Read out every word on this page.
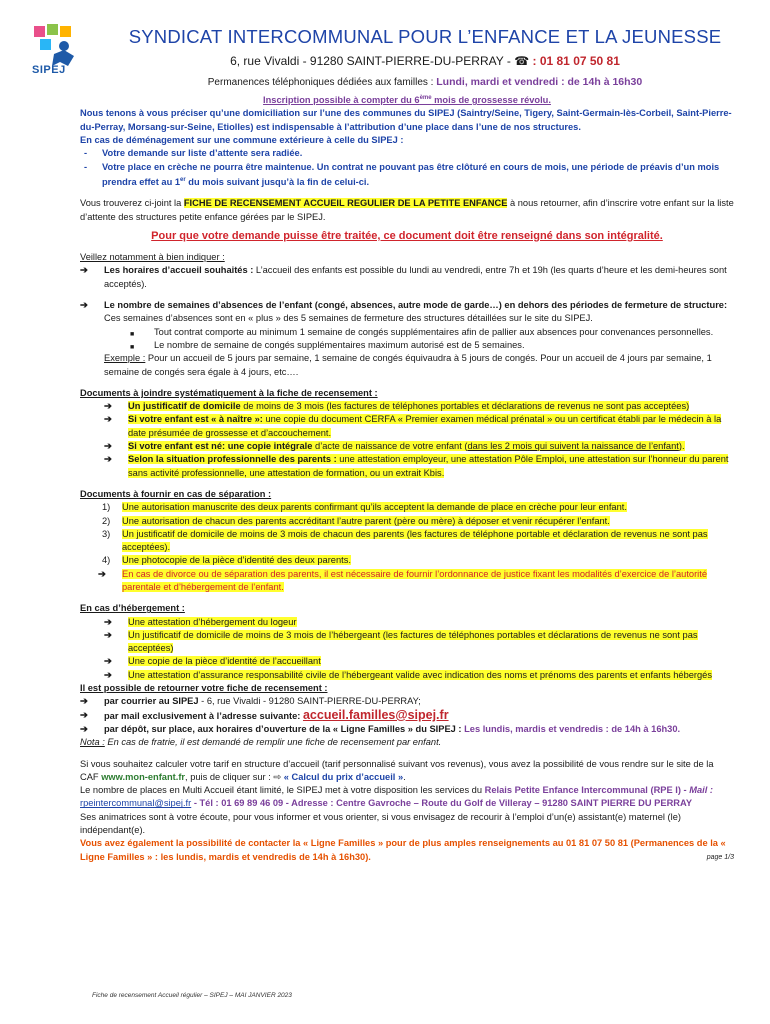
SIPEJ
SYNDICAT INTERCOMMUNAL POUR L’ENFANCE ET LA JEUNESSE
6, rue Vivaldi - 91280 SAINT-PIERRE-DU-PERRAY - ☎ : 01 81 07 50 81
Permanences téléphoniques dédiées aux familles : Lundi, mardi et vendredi : de 14h à 16h30
Inscription possible à compter du 6ème mois de grossesse révolu.
Nous tenons à vous préciser qu’une domiciliation sur l’une des communes du SIPEJ (Saintry/Seine, Tigery, Saint-Germain-lès-Corbeil, Saint-Pierre-du-Perray, Morsang-sur-Seine, Etiolles) est indispensable à l’attribution d’une place dans l’une de nos structures.
En cas de déménagement sur une commune extérieure à celle du SIPEJ :
- Votre demande sur liste d’attente sera radiée.
- Votre place en crèche ne pourra être maintenue. Un contrat ne pouvant pas être clôturé en cours de mois, une période de préavis d’un mois prendra effet au 1er du mois suivant jusqu’à la fin de celui-ci.
Vous trouverez ci-joint la FICHE DE RECENSEMENT ACCUEIL REGULIER DE LA PETITE ENFANCE à nous retourner, afin d’inscrire votre enfant sur la liste d’attente des structures petite enfance gérées par le SIPEJ.
Pour que votre demande puisse être traitée, ce document doit être renseigné dans son intégralité.
Veillez notamment à bien indiquer :
➔ Les horaires d’accueil souhaités : L’accueil des enfants est possible du lundi au vendredi, entre 7h et 19h (les quarts d’heure et les demi-heures sont acceptés).
➔ Le nombre de semaines d’absences de l’enfant (congé, absences, autre mode de garde…) en dehors des périodes de fermeture de structure:
Ces semaines d’absences sont en « plus » des 5 semaines de fermeture des structures détaillées sur le site du SIPEJ.
■ Tout contrat comporte au minimum 1 semaine de congés supplémentaires afin de pallier aux absences pour convenances personnelles.
■ Le nombre de semaine de congés supplémentaires maximum autorisé est de 5 semaines.
Exemple : Pour un accueil de 5 jours par semaine, 1 semaine de congés équivaudra à 5 jours de congés. Pour un accueil de 4 jours par semaine, 1 semaine de congés sera égale à 4 jours, etc….
Documents à joindre systématiquement à la fiche de recensement :
➔ Un justificatif de domicile de moins de 3 mois (les factures de téléphones portables et déclarations de revenus ne sont pas acceptées)
➔ Si votre enfant est « à naître »: une copie du document CERFA « Premier examen médical prénatal » ou un certificat établi par le médecin à la date présumée de grossesse et d’accouchement.
➔ Si votre enfant est né: une copie intégrale d’acte de naissance de votre enfant (dans les 2 mois qui suivent la naissance de l’enfant).
➔ Selon la situation professionnelle des parents : une attestation employeur, une attestation Pôle Emploi, une attestation sur l’honneur du parent sans activité professionnelle, une attestation de formation, ou un extrait Kbis.
Documents à fournir en cas de séparation :
1) Une autorisation manuscrite des deux parents confirmant qu’ils acceptent la demande de place en crèche pour leur enfant.
2) Une autorisation de chacun des parents accréditant l’autre parent (père ou mère) à déposer et venir récupérer l’enfant.
3) Un justificatif de domicile de moins de 3 mois de chacun des parents (les factures de téléphone portable et déclaration de revenus ne sont pas acceptées).
4) Une photocopie de la pièce d’identité des deux parents.
➔ En cas de divorce ou de séparation des parents, il est nécessaire de fournir l’ordonnance de justice fixant les modalités d’exercice de l’autorité parentale et d’hébergement de l’enfant.
En cas d’hébergement :
➔ Une attestation d’hébergement du logeur
➔ Un justificatif de domicile de moins de 3 mois de l’hébergeant (les factures de téléphones portables et déclarations de revenus ne sont pas acceptées)
➔ Une copie de la pièce d’identité de l’accueillant
➔ Une attestation d’assurance responsabilité civile de l’hébergeant valide avec indication des noms et prénoms des parents et enfants hébergés
Il est possible de retourner votre fiche de recensement :
➔ par courrier au SIPEJ - 6, rue Vivaldi - 91280 SAINT-PIERRE-DU-PERRAY;
➔ par mail exclusivement à l’adresse suivante: accueil.familles@sipej.fr
➔ par dépôt, sur place, aux horaires d’ouverture de la « Ligne Familles » du SIPEJ : Les lundis, mardis et vendredis : de 14h à 16h30.
Nota : En cas de fratrie, il est demandé de remplir une fiche de recensement par enfant.
Si vous souhaitez calculer votre tarif en structure d’accueil (tarif personnalisé suivant vos revenus), vous avez la possibilité de vous rendre sur le site de la CAF www.mon-enfant.fr, puis de cliquer sur : ⇨ « Calcul du prix d’accueil ».
Le nombre de places en Multi Accueil étant limité, le SIPEJ met à votre disposition les services du Relais Petite Enfance Intercommunal (RPE I) - Mail : rpeintercommunal@sipej.fr - Tél : 01 69 89 46 09 - Adresse : Centre Gavroche – Route du Golf de Villeray – 91280 SAINT PIERRE DU PERRAY
Ses animatrices sont à votre écoute, pour vous informer et vous orienter, si vous envisagez de recourir à l’emploi d’un(e) assistant(e) maternel (le) indépendant(e).
Vous avez également la possibilité de contacter la « Ligne Familles » pour de plus amples renseignements au 01 81 07 50 81 (Permanences de la « Ligne Familles » : les lundis, mardis et vendredis de 14h à 16h30).	page 1/3
Fiche de recensement Accueil régulier – SIPEJ – MAI JANVIER 2023
